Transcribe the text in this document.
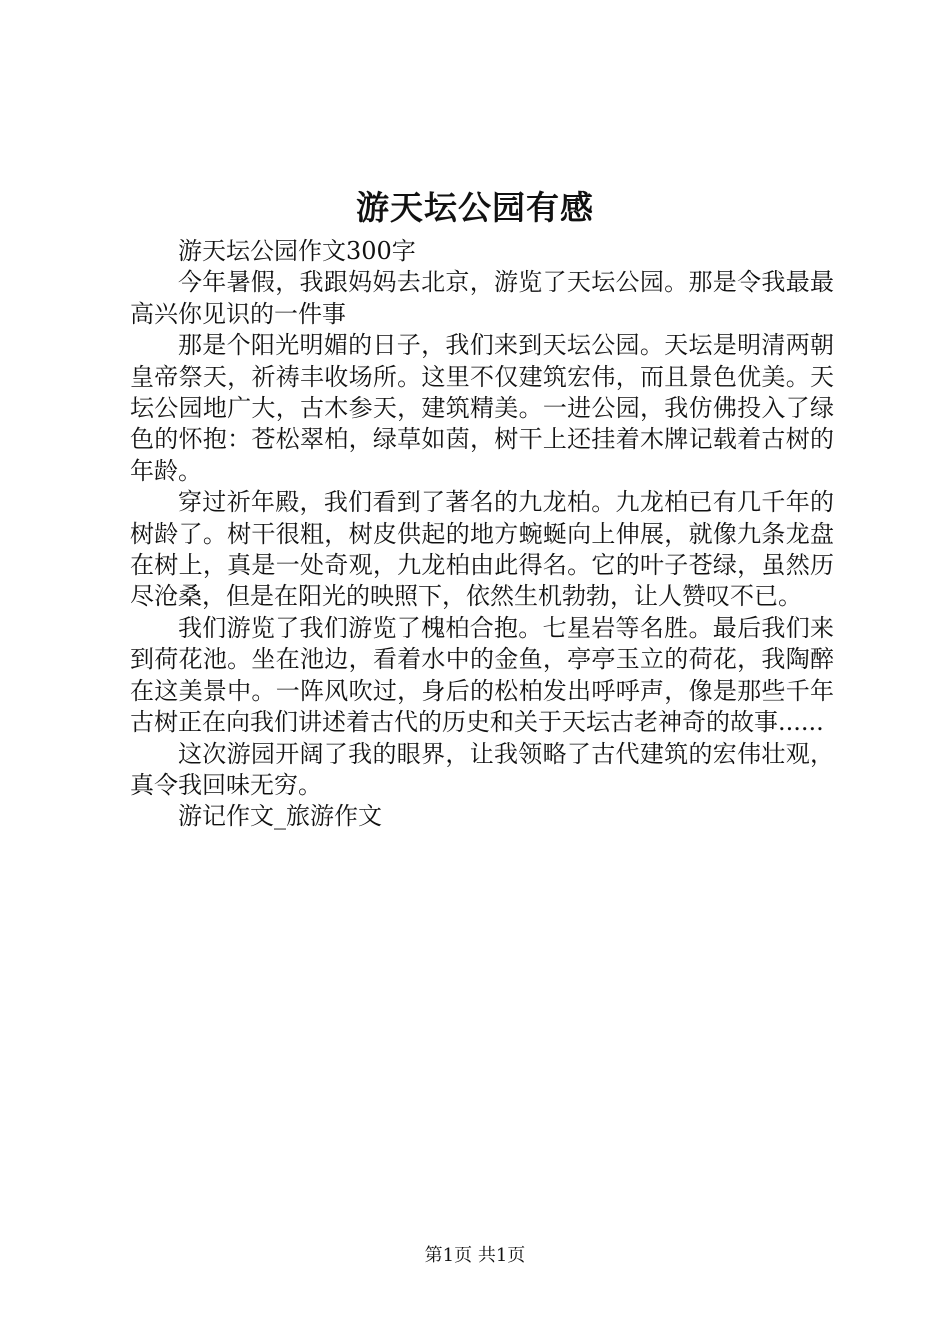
游天坛公园有感

游天坛公园作文300字

今年暑假，我跟妈妈去北京，游览了天坛公园。那是令我最最高兴你见识的一件事

那是个阳光明媚的日子，我们来到天坛公园。天坛是明清两朝皇帝祭天，祈祷丰收场所。这里不仅建筑宏伟，而且景色优美。天坛公园地广大，古木参天，建筑精美。一进公园，我仿佛投入了绿色的怀抱：苍松翠柏，绿草如茵，树干上还挂着木牌记载着古树的年龄。

穿过祈年殿，我们看到了著名的九龙柏。九龙柏已有几千年的树龄了。树干很粗，树皮供起的地方蜿蜒向上伸展，就像九条龙盘在树上，真是一处奇观，九龙柏由此得名。它的叶子苍绿，虽然历尽沧桑，但是在阳光的映照下，依然生机勃勃，让人赞叹不已。

我们游览了我们游览了槐柏合抱。七星岩等名胜。最后我们来到荷花池。坐在池边，看着水中的金鱼，亭亭玉立的荷花，我陶醉在这美景中。一阵风吹过，身后的松柏发出呼呼声，像是那些千年古树正在向我们讲述着古代的历史和关于天坛古老神奇的故事......

这次游园开阔了我的眼界，让我领略了古代建筑的宏伟壮观，真令我回味无穷。

游记作文_旅游作文

第1页 共1页
